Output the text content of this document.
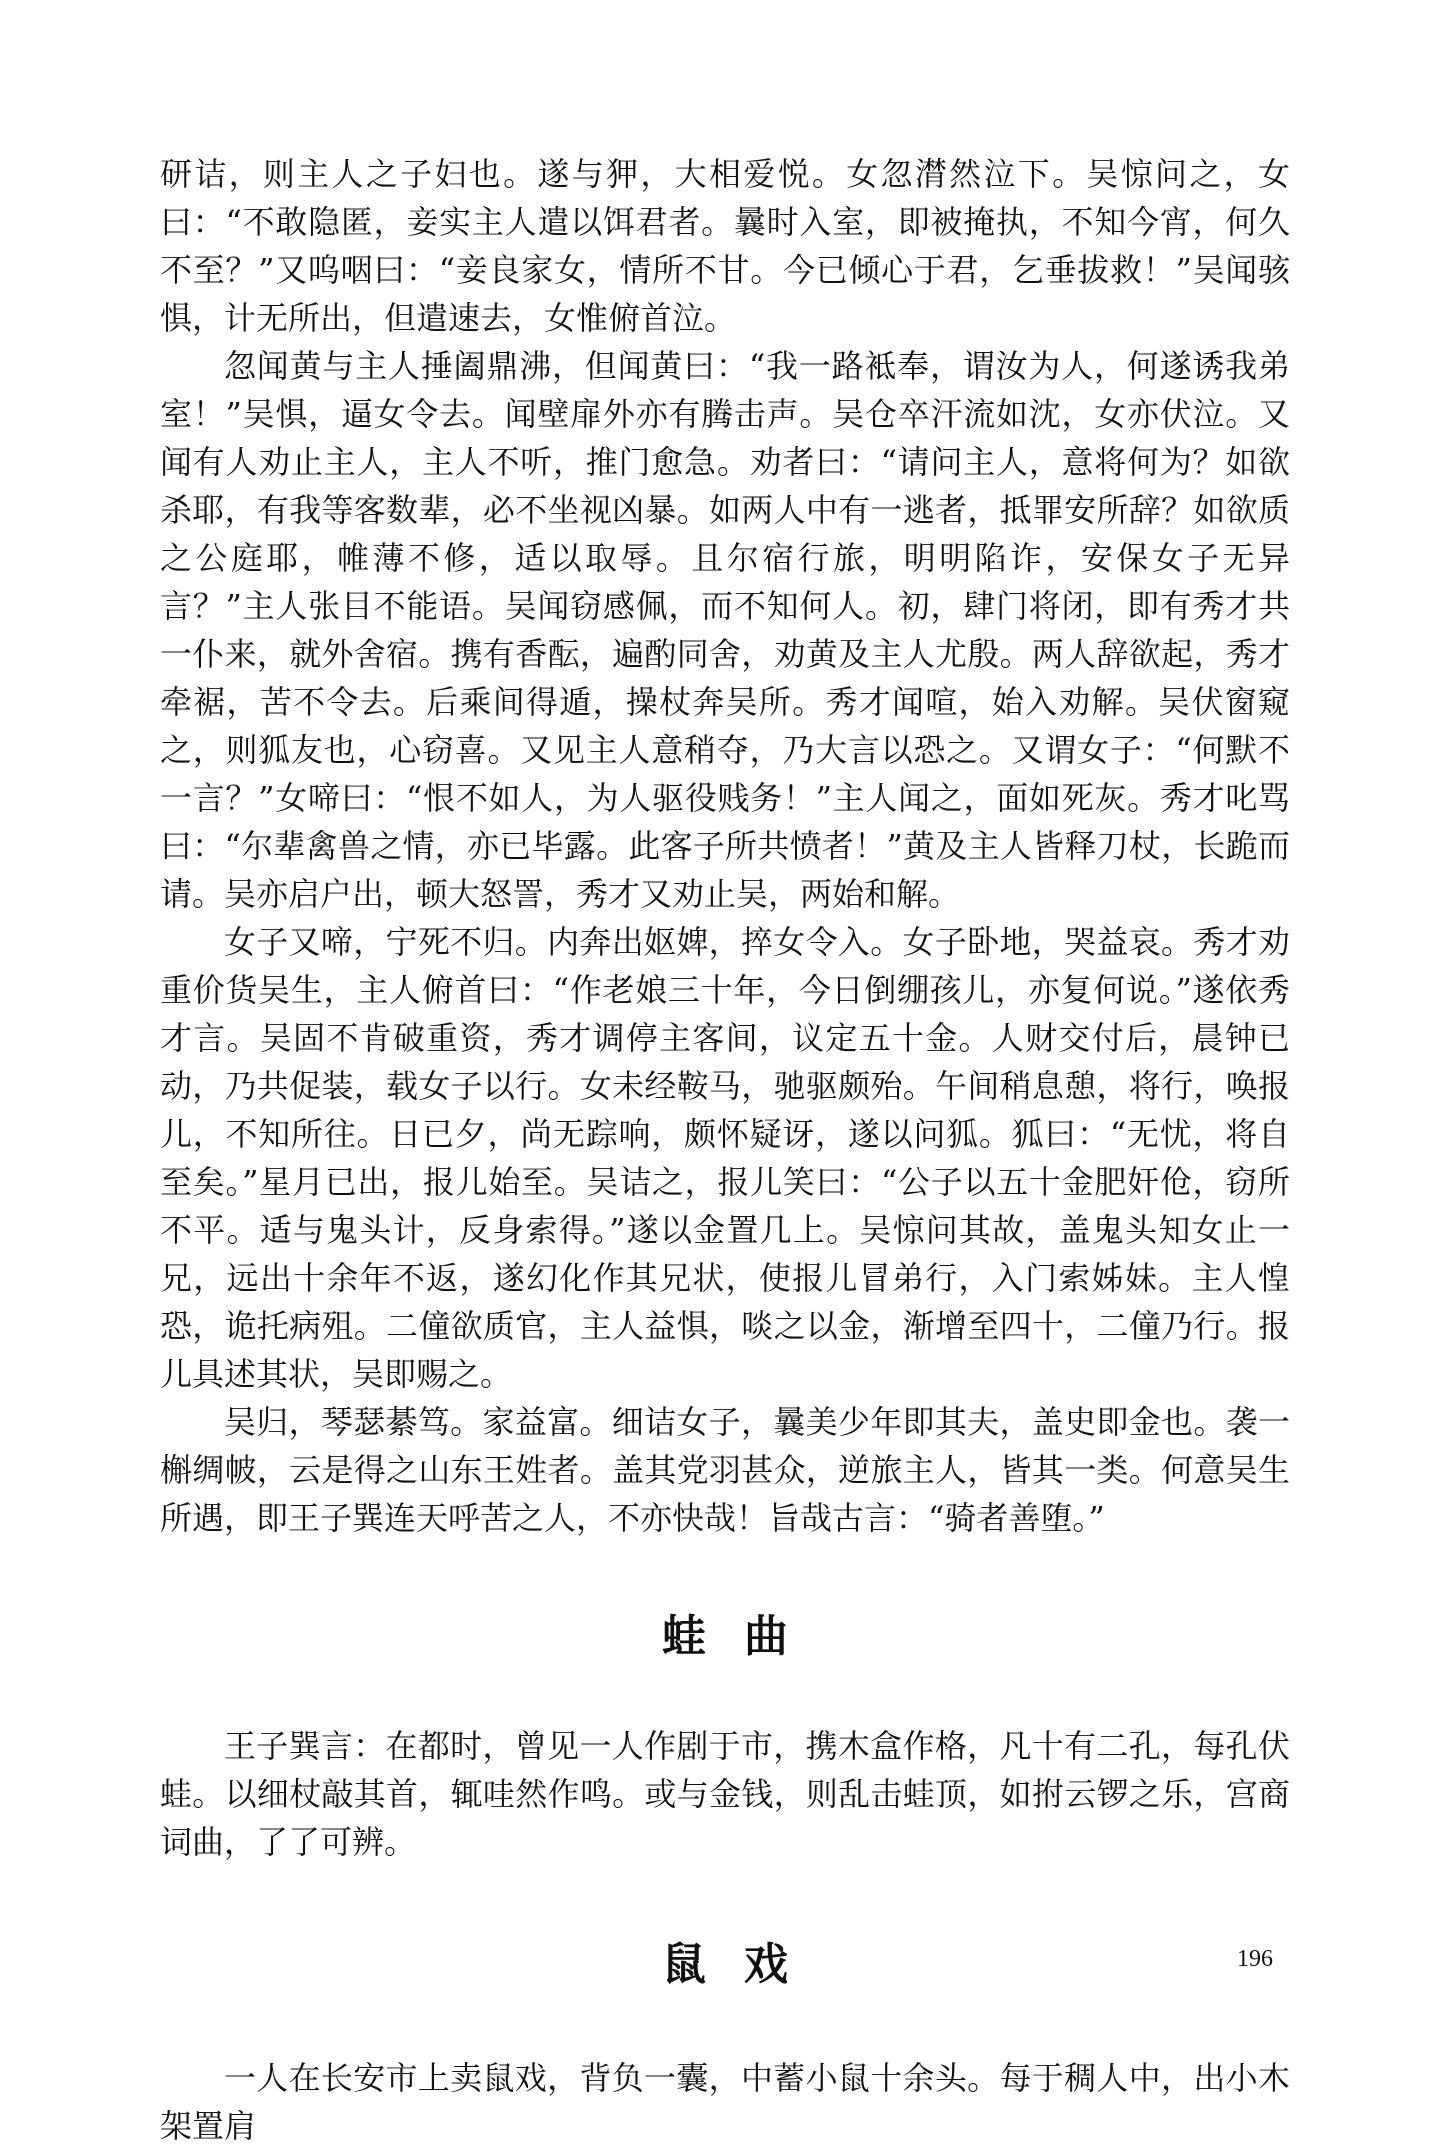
研诘，则主人之子妇也。遂与狎，大相爱悦。女忽潸然泣下。吴惊问之，女曰：“不敢隐匿，妾实主人遣以饵君者。曩时入室，即被掩执，不知今宵，何久不至？”又呜咽曰：“妾良家女，情所不甘。今已倾心于君，乞垂拔救！”吴闻骇惧，计无所出，但遣速去，女惟俯首泣。

忽闻黄与主人捶阖鼎沸，但闻黄曰：“我一路袛奉，谓汝为人，何遂诱我弟室！”吴惧，逼女令去。闻壁扉外亦有腾击声。吴仓卒汗流如沈，女亦伏泣。又闻有人劝止主人，主人不听，推门愈急。劝者曰：“请问主人，意将何为？如欲杀耶，有我等客数辈，必不坐视凶暴。如两人中有一逃者，抵罪安所辞？如欲质之公庭耶，帷薄不修，适以取辱。且尔宿行旅，明明陷诈，安保女子无异言？”主人张目不能语。吴闻窃感佩，而不知何人。初，肆门将闭，即有秀才共一仆来，就外舍宿。携有香酝，遍酌同舍，劝黄及主人尤殷。两人辞欲起，秀才牵裾，苦不令去。后乘间得遁，操杖奔吴所。秀才闻喧，始入劝解。吴伏窗窥之，则狐友也，心窃喜。又见主人意稍夺，乃大言以恐之。又谓女子：“何默不一言？”女啼曰：“恨不如人，为人驱役贱务！”主人闻之，面如死灰。秀才叱骂曰：“尔辈禽兽之情，亦已毕露。此客子所共愤者！”黄及主人皆释刀杖，长跪而请。吴亦启户出，顿大怒詈，秀才又劝止吴，两始和解。

女子又啼，宁死不归。内奔出妪婢，捽女令入。女子卧地，哭益哀。秀才劝重价货吴生，主人俯首曰：“作老娘三十年，今日倒绷孩儿，亦复何说。”遂依秀才言。吴固不肯破重资，秀才调停主客间，议定五十金。人财交付后，晨钟已动，乃共促装，载女子以行。女未经鞍马，驰驱颇殆。午间稍息憩，将行，唤报儿，不知所往。日已夕，尚无踪响，颇怀疑讶，遂以问狐。狐曰：“无忧，将自至矣。”星月已出，报儿始至。吴诘之，报儿笑曰：“公子以五十金肥奸伧，窃所不平。适与鬼头计，反身索得。”遂以金置几上。吴惊问其故，盖鬼头知女止一兄，远出十余年不返，遂幻化作其兄状，使报儿冒弟行，入门索姊妹。主人惶恐，诡托病殂。二僮欲质官，主人益惧，啖之以金，渐增至四十，二僮乃行。报儿具述其状，吴即赐之。

吴归，琴瑟綦笃。家益富。细诘女子，曩美少年即其夫，盖史即金也。袭一槲绸帔，云是得之山东王姓者。盖其党羽甚众，逆旅主人，皆其一类。何意吴生所遇，即王子巽连天呼苦之人，不亦快哉！旨哉古言：“骑者善堕。”

蛙曲

王子巽言：在都时，曾见一人作剧于市，携木盒作格，凡十有二孔，每孔伏蛙。以细杖敲其首，辄哇然作鸣。或与金钱，则乱击蛙顶，如拊云锣之乐，宫商词曲，了了可辨。

鼠戏

一人在长安市上卖鼠戏，背负一囊，中蓄小鼠十余头。每于稠人中，出小木架置肩

196
